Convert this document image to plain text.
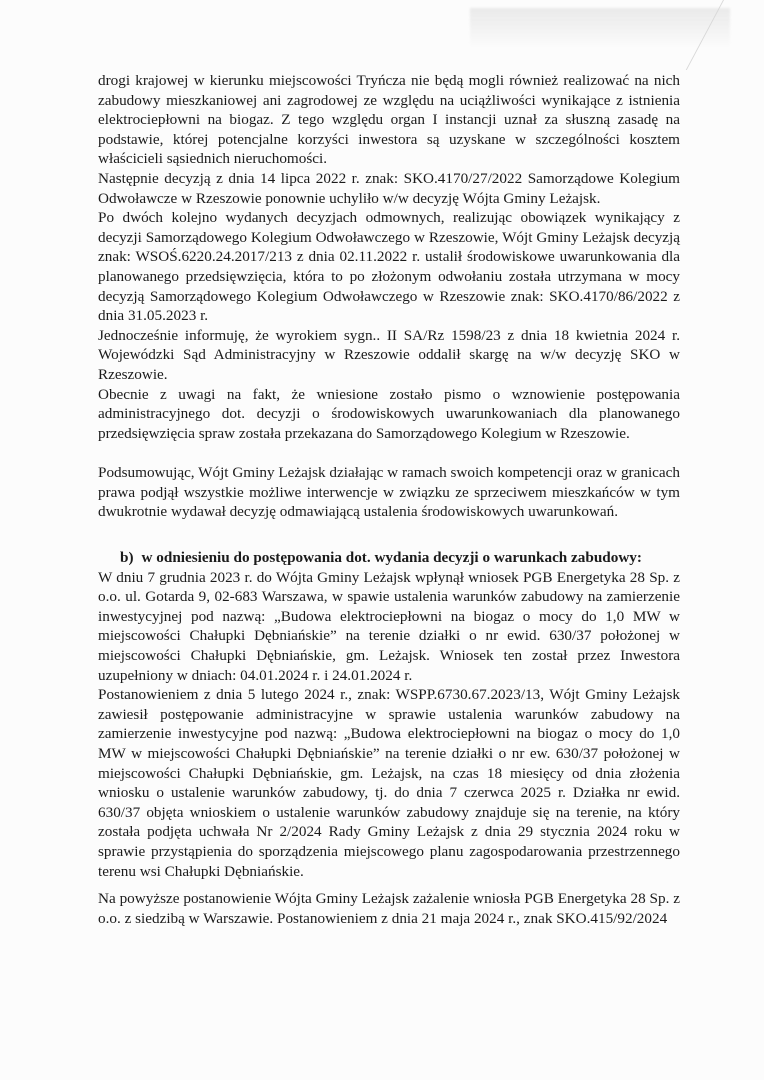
drogi krajowej w kierunku miejscowości Tryńcza nie będą mogli również realizować na nich zabudowy mieszkaniowej ani zagrodowej ze względu na uciążliwości wynikające z istnienia elektrociepłowni na biogaz. Z tego względu organ I instancji uznał za słuszną zasadę na podstawie, której potencjalne korzyści inwestora są uzyskane w szczególności kosztem właścicieli sąsiednich nieruchomości.

Następnie decyzją z dnia 14 lipca 2022 r. znak: SKO.4170/27/2022 Samorządowe Kolegium Odwoławcze w Rzeszowie ponownie uchyliło w/w decyzję Wójta Gminy Leżajsk.

Po dwóch kolejno wydanych decyzjach odmownych, realizując obowiązek wynikający z decyzji Samorządowego Kolegium Odwoławczego w Rzeszowie, Wójt Gminy Leżajsk decyzją znak: WSOŚ.6220.24.2017/213 z dnia 02.11.2022 r. ustalił środowiskowe uwarunkowania dla planowanego przedsięwzięcia, która to po złożonym odwołaniu została utrzymana w mocy decyzją Samorządowego Kolegium Odwoławczego w Rzeszowie znak: SKO.4170/86/2022 z dnia 31.05.2023 r.

Jednocześnie informuję, że wyrokiem sygn.. II SA/Rz 1598/23 z dnia 18 kwietnia 2024 r. Wojewódzki Sąd Administracyjny w Rzeszowie oddalił skargę na w/w decyzję SKO w Rzeszowie.

Obecnie z uwagi na fakt, że wniesione zostało pismo o wznowienie postępowania administracyjnego dot. decyzji o środowiskowych uwarunkowaniach dla planowanego przedsięwzięcia spraw została przekazana do Samorządowego Kolegium w Rzeszowie.

Podsumowując, Wójt Gminy Leżajsk działając w ramach swoich kompetencji oraz w granicach prawa podjął wszystkie możliwe interwencje w związku ze sprzeciwem mieszkańców w tym dwukrotnie wydawał decyzję odmawiającą ustalenia środowiskowych uwarunkowań.

b) w odniesieniu do postępowania dot. wydania decyzji o warunkach zabudowy:

W dniu 7 grudnia 2023 r. do Wójta Gminy Leżajsk wpłynął wniosek PGB Energetyka 28 Sp. z o.o. ul. Gotarda 9, 02-683 Warszawa, w spawie ustalenia warunków zabudowy na zamierzenie inwestycyjnej pod nazwą: „Budowa elektrociepłowni na biogaz o mocy do 1,0 MW w miejscowości Chałupki Dębniańskie” na terenie działki o nr ewid. 630/37 położonej w miejscowości Chałupki Dębniańskie, gm. Leżajsk. Wniosek ten został przez Inwestora uzupełniony w dniach: 04.01.2024 r. i 24.01.2024 r.

Postanowieniem z dnia 5 lutego 2024 r., znak: WSPP.6730.67.2023/13, Wójt Gminy Leżajsk zawiesił postępowanie administracyjne w sprawie ustalenia warunków zabudowy na zamierzenie inwestycyjne pod nazwą: „Budowa elektrociepłowni na biogaz o mocy do 1,0 MW w miejscowości Chałupki Dębniańskie” na terenie działki o nr ew. 630/37 położonej w miejscowości Chałupki Dębniańskie, gm. Leżajsk, na czas 18 miesięcy od dnia złożenia wniosku o ustalenie warunków zabudowy, tj. do dnia 7 czerwca 2025 r. Działka nr ewid. 630/37 objęta wnioskiem o ustalenie warunków zabudowy znajduje się na terenie, na który została podjęta uchwała Nr 2/2024 Rady Gminy Leżajsk z dnia 29 stycznia 2024 roku w sprawie przystąpienia do sporządzenia miejscowego planu zagospodarowania przestrzennego terenu wsi Chałupki Dębniańskie.

Na powyższe postanowienie Wójta Gminy Leżajsk zażalenie wniosła PGB Energetyka 28 Sp. z o.o. z siedzibą w Warszawie. Postanowieniem z dnia 21 maja 2024 r., znak SKO.415/92/2024
